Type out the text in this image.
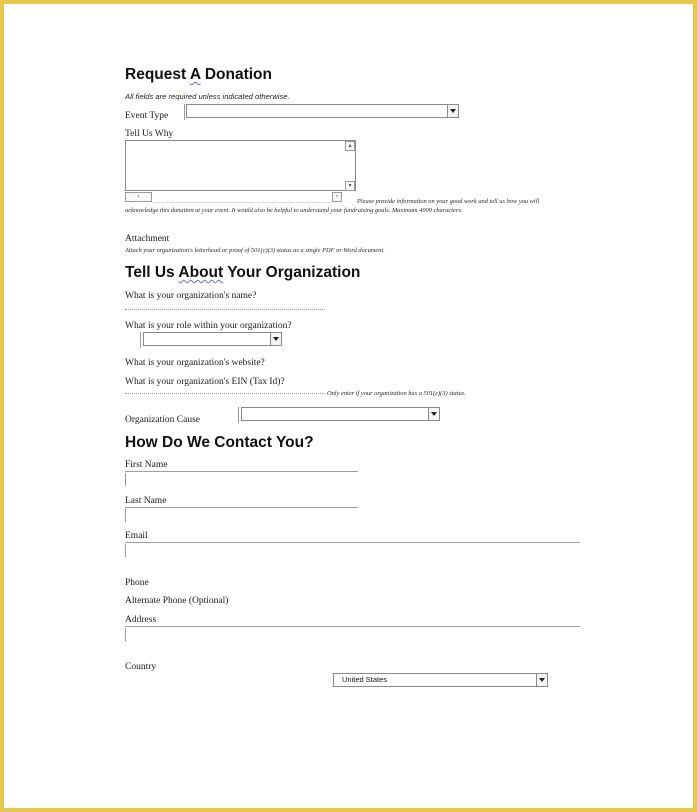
Request A Donation
All fields are required unless indicated otherwise.
Event Type
Tell Us Why
▴
▾
‹	›
Please provide information on your good work and tell us how you will acknowledge this donation at your event. It would also be helpful to understand your fundraising goals. Maximum 4000 characters.
Attachment
Attach your organization's letterhead or proof of 501(c)(3) status as a single PDF or Word document.
Tell Us About Your Organization
What is your organization's name?
What is your role within your organization?
What is your organization's website?
What is your organization's EIN (Tax Id)?
Only enter if your organization has a 501(c)(3) status.
Organization Cause
How Do We Contact You?
First Name
Last Name
Email
Phone
Alternate Phone (Optional)
Address
Country
United States
